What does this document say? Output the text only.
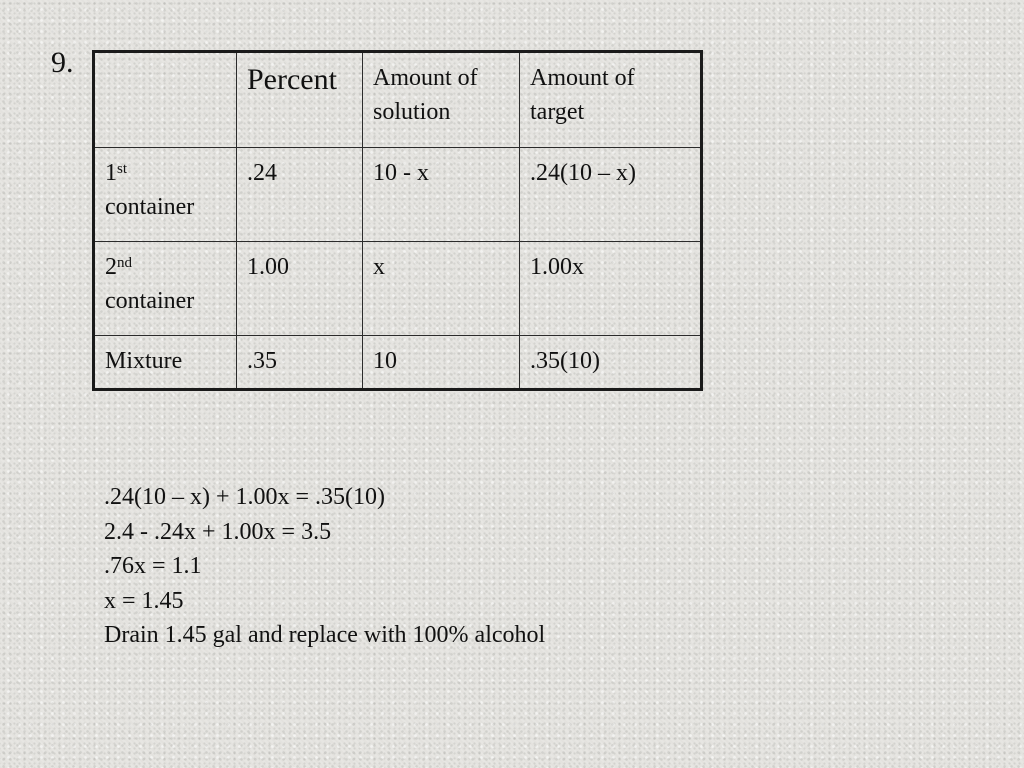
9.
	Percent	Amount of solution	Amount of target
1st
container	.24	10 - x	.24(10 – x)
2nd
container	1.00	x	1.00x
Mixture	.35	10	.35(10)
.24(10 – x) + 1.00x = .35(10)
2.4 - .24x + 1.00x = 3.5
.76x = 1.1
x = 1.45
Drain 1.45 gal and replace with 100% alcohol
